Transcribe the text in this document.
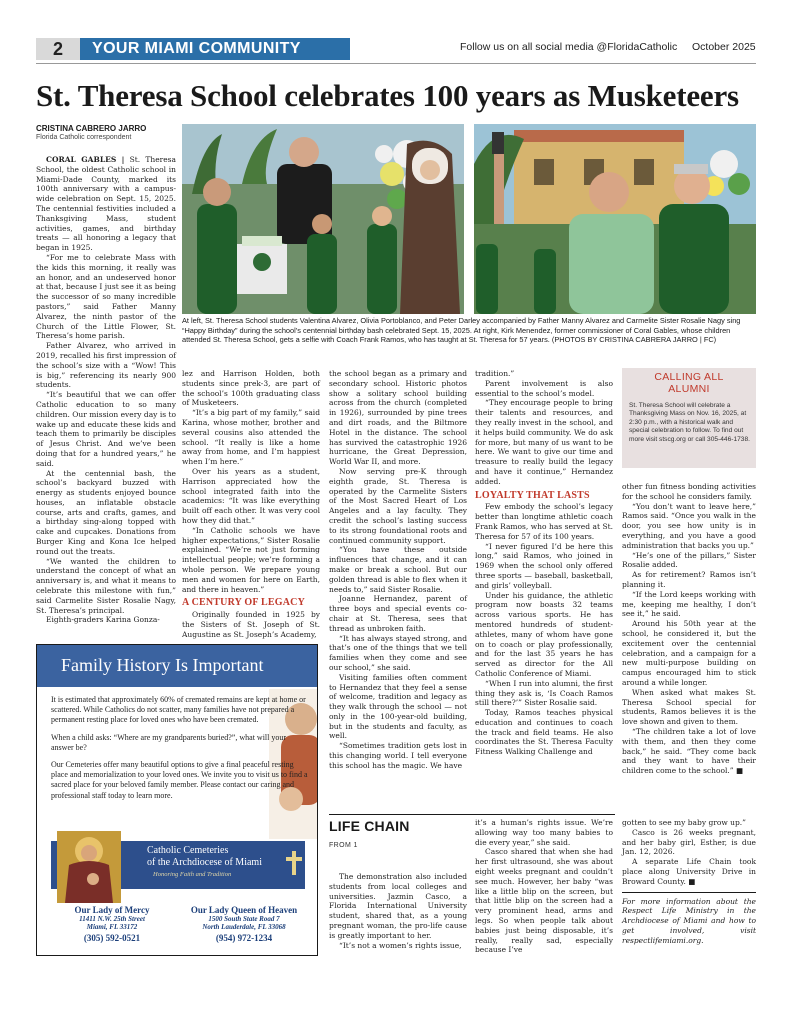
2	YOUR MIAMI COMMUNITY	Follow us on all social media @FloridaCatholic October 2025
St. Theresa School celebrates 100 years as Musketeers
CRISTINA CABRERO JARRO
Florida Catholic correspondent

CORAL GABLES | St. Theresa School, the oldest Catholic school in Miami-Dade County, marked its 100th anniversary with a campus-wide celebration on Sept. 15, 2025. The centennial festivities included a Thanksgiving Mass, student activities, games, and birthday treats — all honoring a legacy that began in 1925.

“For me to celebrate Mass with the kids this morning, it really was an honor, and an undeserved honor at that, because I just see it as being the successor of so many incredible pastors,” said Father Manny Alvarez, the ninth pastor of the Church of the Little Flower, St. Theresa’s home parish.

Father Alvarez, who arrived in 2019, recalled his first impression of the school’s size with a “Wow! This is big,” referencing its nearly 900 students.

“It’s beautiful that we can offer Catholic education to so many children. Our mission every day is to wake up and educate these kids and teach them to primarily be disciples of Jesus Christ. And we’ve been doing that for a hundred years,” he said.

At the centennial bash, the school’s backyard buzzed with energy as students enjoyed bounce houses, an inflatable obstacle course, arts and crafts, games, and a birthday sing-along topped with cake and cupcakes. Donations from Burger King and Kona Ice helped round out the treats.

“We wanted the children to understand the concept of what an anniversary is, and what it means to celebrate this milestone with fun,” said Carmelite Sister Rosalie Nagy, St. Theresa’s principal.

Eighth-graders Karina Gonza-

At left, St. Theresa School students Valentina Alvarez, Olivia Portoblanco, and Peter Darley accompanied by Father Manny Alvarez and Carmelite Sister Rosalie Nagy sing “Happy Birthday” during the school’s centennial birthday bash celebrated Sept. 15, 2025. At right, Kirk Menendez, former commissioner of Coral Gables, whose children attended St. Theresa School, gets a selfie with Coach Frank Ramos, who has taught at St. Theresa for 57 years. (PHOTOS BY CRISTINA CABRERA JARRO | FC)

lez and Harrison Holden, both students since prek-3, are part of the school’s 100th graduating class of Musketeers.

“It’s a big part of my family,” said Karina, whose mother, brother and several cousins also attended the school. “It really is like a home away from home, and I’m happiest when I’m here.”

Over his years as a student, Harrison appreciated how the school integrated faith into the academics: “It was like everything built off each other. It was very cool how they did that.”

“In Catholic schools we have higher expectations,” Sister Rosalie explained. “We’re not just forming intellectual people; we’re forming a whole person. We prepare young men and women for here on Earth, and there in heaven.”

A CENTURY OF LEGACY

Originally founded in 1925 by the Sisters of St. Joseph of St. Augustine as St. Joseph’s Academy,

the school began as a primary and secondary school. Historic photos show a solitary school building across from the church (completed in 1926), surrounded by pine trees and dirt roads, and the Biltmore Hotel in the distance. The school has survived the catastrophic 1926 hurricane, the Great Depression, World War II, and more.

Now serving pre-K through eighth grade, St. Theresa is operated by the Carmelite Sisters of the Most Sacred Heart of Los Angeles and a lay faculty. They credit the school’s lasting success to its strong foundational roots and continued community support.

“You have these outside influences that change, and it can make or break a school. But our golden thread is able to flex when it needs to,” said Sister Rosalie.

Joanne Hernandez, parent of three boys and special events co-chair at St. Theresa, sees that thread as unbroken faith.

“It has always stayed strong, and that’s one of the things that we tell families when they come and see our school,” she said.

Visiting families often comment to Hernandez that they feel a sense of welcome, tradition and legacy as they walk through the school — not only in the 100-year-old building, but in the students and faculty, as well.

“Sometimes tradition gets lost in this changing world. I tell everyone this school has the magic. We have

tradition.”

Parent involvement is also essential to the school’s model.

“They encourage people to bring their talents and resources, and they really invest in the school, and it helps build community. We do ask for more, but many of us want to be here. We want to give our time and treasure to really build the legacy and have it continue,” Hernandez added.

LOYALTY THAT LASTS

Few embody the school’s legacy better than longtime athletic coach Frank Ramos, who has served at St. Theresa for 57 of its 100 years.

“I never figured I’d be here this long,” said Ramos, who joined in 1969 when the school only offered three sports — baseball, basketball, and girls’ volleyball.

Under his guidance, the athletic program now boasts 32 teams across various sports. He has mentored hundreds of student-athletes, many of whom have gone on to coach or play professionally, and for the last 35 years he has served as director for the All Catholic Conference of Miami.

“When I run into alumni, the first thing they ask is, ‘Is Coach Ramos still there?’” Sister Rosalie said.

Today, Ramos teaches physical education and continues to coach the track and field teams. He also coordinates the St. Theresa Faculty Fitness Walking Challenge and

CALLING ALL
ALUMNI
St. Theresa School will celebrate a Thanksgiving Mass on Nov. 16, 2025, at 2:30 p.m., with a historical walk and special celebration to follow. To find out more visit stscg.org or call 305-446-1738.

other fun fitness bonding activities for the school he considers family.

“You don’t want to leave here,” Ramos said. “Once you walk in the door, you see how unity is in everything, and you have a good administration that backs you up.”

“He’s one of the pillars,” Sister Rosalie added.

As for retirement? Ramos isn’t planning it.

“If the Lord keeps working with me, keeping me healthy, I don’t see it,” he said.

Around his 50th year at the school, he considered it, but the excitement over the centennial celebration, and a campaign for a new multi-purpose building on campus encouraged him to stick around a while longer.

When asked what makes St. Theresa School special for students, Ramos believes it is the love shown and given to them.

“The children take a lot of love with them, and then they come back,” he said. “They come back and they want to have their children come to the school.” ■

Family History Is Important

It is estimated that approximately 60% of cremated remains are kept at home or scattered. While Catholics do not scatter, many families have not prepared a permanent resting place for loved ones who have been cremated.

When a child asks: “Where are my grandparents buried?”, what will your answer be?

Our Cemeteries offer many beautiful options to give a final peaceful resting place and memorialization to your loved ones. We invite you to visit us to find a sacred place for your beloved family member. Please contact our caring and professional staff today to learn more.

Catholic Cemeteries
of the Archdiocese of Miami
Honoring Faith and Tradition
Our Lady of Mercy
11411 N.W. 25th Street
Miami, FL 33172
(305) 592-0521
Our Lady Queen of Heaven
1500 South State Road 7
North Lauderdale, FL 33068
(954) 972-1234
LIFE CHAIN
FROM 1

The demonstration also included students from local colleges and universities. Jazmin Casco, a Florida International University student, shared that, as a young pregnant woman, the pro-life cause is greatly important to her.

“It’s not a women’s rights issue,

it’s a human’s rights issue. We’re allowing way too many babies to die every year,” she said.

Casco shared that when she had her first ultrasound, she was about eight weeks pregnant and couldn’t see much. However, her baby “was like a little blip on the screen, but that little blip on the screen had a very prominent head, arms and legs. So when people talk about babies just being disposable, it’s really, really sad, especially because I’ve

gotten to see my baby grow up.”

Casco is 26 weeks pregnant, and her baby girl, Esther, is due Jan. 12, 2026.

A separate Life Chain took place along University Drive in Broward County. ■

For more information about the Respect Life Ministry in the Archdiocese of Miami and how to get involved, visit respectlifemiami.org.
